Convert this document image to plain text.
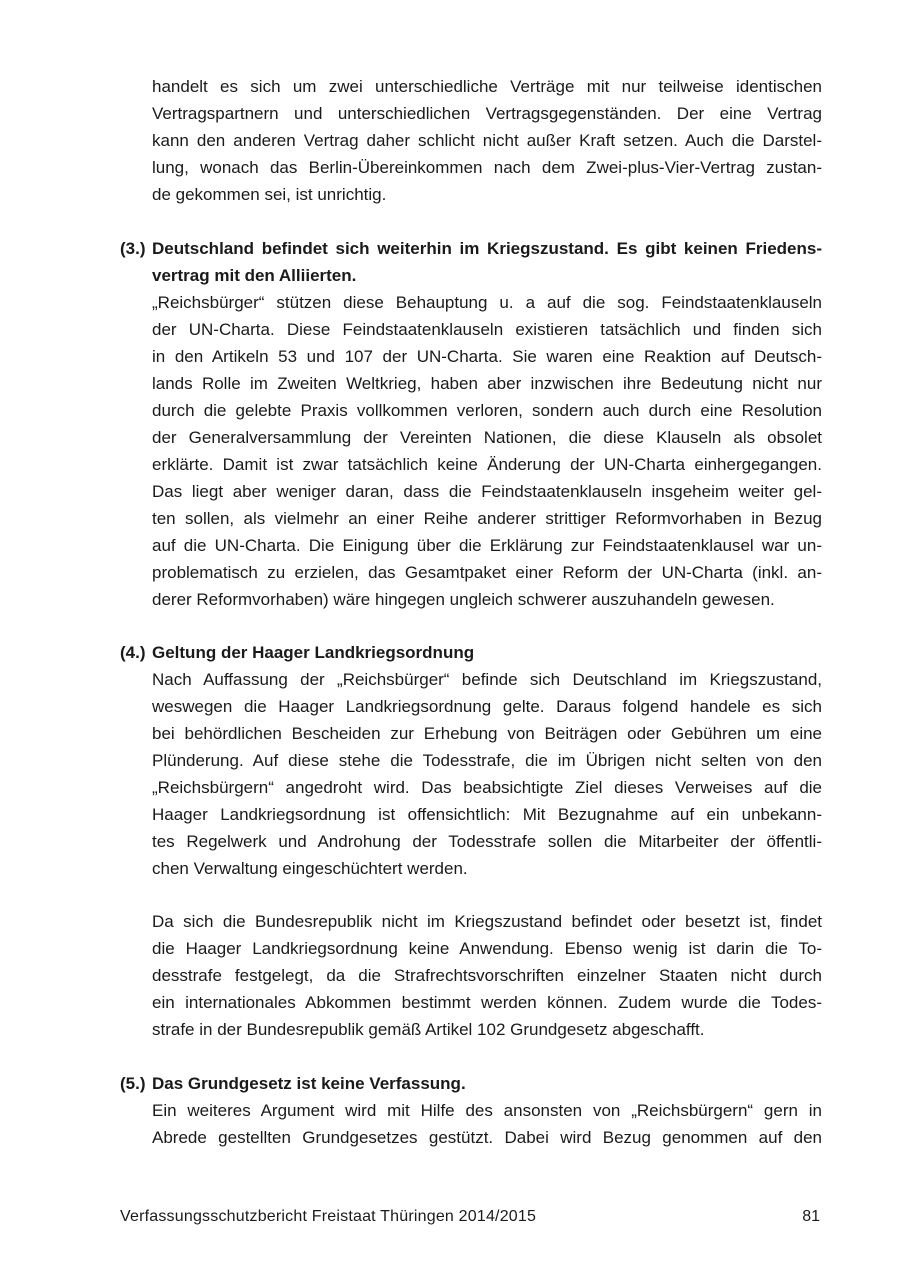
handelt es sich um zwei unterschiedliche Verträge mit nur teilweise identischen
Vertragspartnern und unterschiedlichen Vertragsgegenständen. Der eine Vertrag
kann den anderen Vertrag daher schlicht nicht außer Kraft setzen. Auch die Darstel-
lung, wonach das Berlin-Übereinkommen nach dem Zwei-plus-Vier-Vertrag zustan-
de gekommen sei, ist unrichtig.
(3.) Deutschland befindet sich weiterhin im Kriegszustand. Es gibt keinen Friedens-
vertrag mit den Alliierten.
„Reichsbürger“ stützen diese Behauptung u. a auf die sog. Feindstaatenklauseln
der UN-Charta. Diese Feindstaatenklauseln existieren tatsächlich und finden sich
in den Artikeln 53 und 107 der UN-Charta. Sie waren eine Reaktion auf Deutsch-
lands Rolle im Zweiten Weltkrieg, haben aber inzwischen ihre Bedeutung nicht nur
durch die gelebte Praxis vollkommen verloren, sondern auch durch eine Resolution
der Generalversammlung der Vereinten Nationen, die diese Klauseln als obsolet
erklärte. Damit ist zwar tatsächlich keine Änderung der UN-Charta einhergegangen.
Das liegt aber weniger daran, dass die Feindstaatenklauseln insgeheim weiter gel-
ten sollen, als vielmehr an einer Reihe anderer strittiger Reformvorhaben in Bezug
auf die UN-Charta. Die Einigung über die Erklärung zur Feindstaatenklausel war un-
problematisch zu erzielen, das Gesamtpaket einer Reform der UN-Charta (inkl. an-
derer Reformvorhaben) wäre hingegen ungleich schwerer auszuhandeln gewesen.
(4.) Geltung der Haager Landkriegsordnung
Nach Auffassung der „Reichsbürger“ befinde sich Deutschland im Kriegszustand,
weswegen die Haager Landkriegsordnung gelte. Daraus folgend handele es sich
bei behördlichen Bescheiden zur Erhebung von Beiträgen oder Gebühren um eine
Plünderung. Auf diese stehe die Todesstrafe, die im Übrigen nicht selten von den
„Reichsbürgern“ angedroht wird. Das beabsichtigte Ziel dieses Verweises auf die
Haager Landkriegsordnung ist offensichtlich: Mit Bezugnahme auf ein unbekann-
tes Regelwerk und Androhung der Todesstrafe sollen die Mitarbeiter der öffentli-
chen Verwaltung eingeschüchtert werden.
Da sich die Bundesrepublik nicht im Kriegszustand befindet oder besetzt ist, findet
die Haager Landkriegsordnung keine Anwendung. Ebenso wenig ist darin die To-
desstrafe festgelegt, da die Strafrechtsvorschriften einzelner Staaten nicht durch
ein internationales Abkommen bestimmt werden können. Zudem wurde die Todes-
strafe in der Bundesrepublik gemäß Artikel 102 Grundgesetz abgeschafft.
(5.) Das Grundgesetz ist keine Verfassung.
Ein weiteres Argument wird mit Hilfe des ansonsten von „Reichsbürgern“ gern in
Abrede gestellten Grundgesetzes gestützt. Dabei wird Bezug genommen auf den
Verfassungsschutzbericht Freistaat Thüringen 2014/2015	81
